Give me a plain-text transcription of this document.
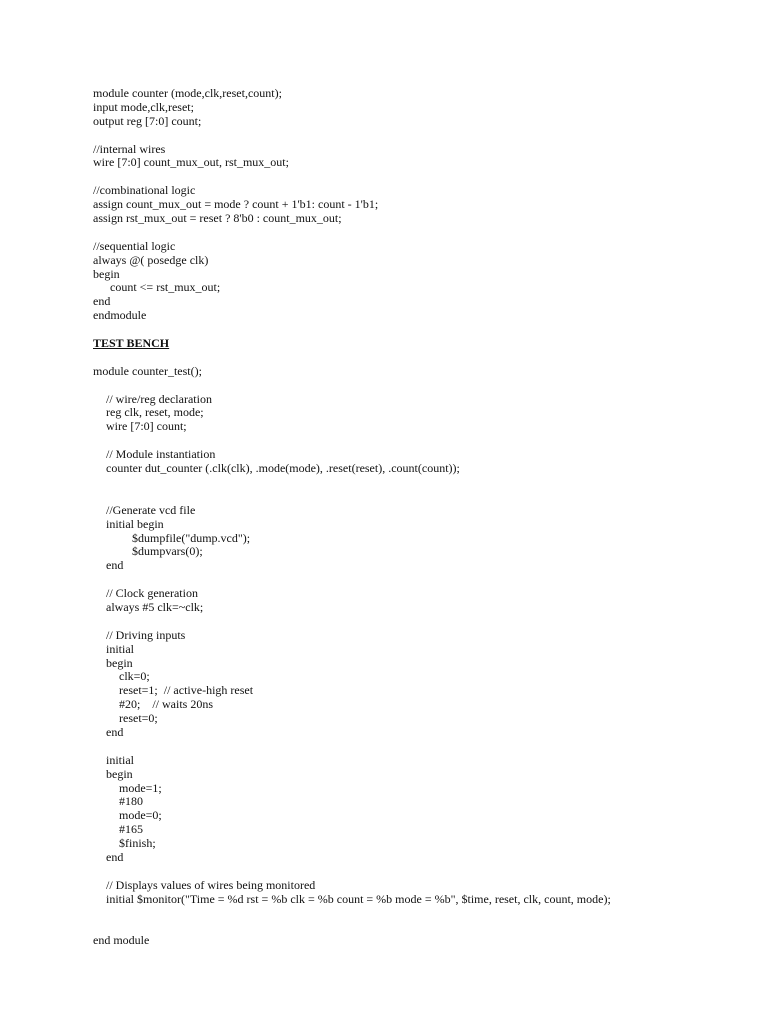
module counter (mode,clk,reset,count);
input mode,clk,reset;
output reg [7:0] count;
//internal wires
wire [7:0] count_mux_out, rst_mux_out;
//combinational logic
assign count_mux_out = mode ? count + 1'b1: count - 1'b1;
assign rst_mux_out = reset ? 8'b0 : count_mux_out;
//sequential logic
always @( posedge clk)
begin
count <= rst_mux_out;
end
endmodule
TEST BENCH
module counter_test();
// wire/reg declaration
reg clk, reset, mode;
wire [7:0] count;
// Module instantiation
counter dut_counter (.clk(clk), .mode(mode), .reset(reset), .count(count));
//Generate vcd file
initial begin
$dumpfile("dump.vcd");
$dumpvars(0);
end
// Clock generation
always #5 clk=~clk;
// Driving inputs
initial
begin
clk=0;
reset=1;  // active-high reset
#20;    // waits 20ns
reset=0;
end
initial
begin
mode=1;
#180
mode=0;
#165
$finish;
end
// Displays values of wires being monitored
initial $monitor("Time = %d rst = %b clk = %b count = %b mode = %b", $time, reset, clk, count, mode);
end module
